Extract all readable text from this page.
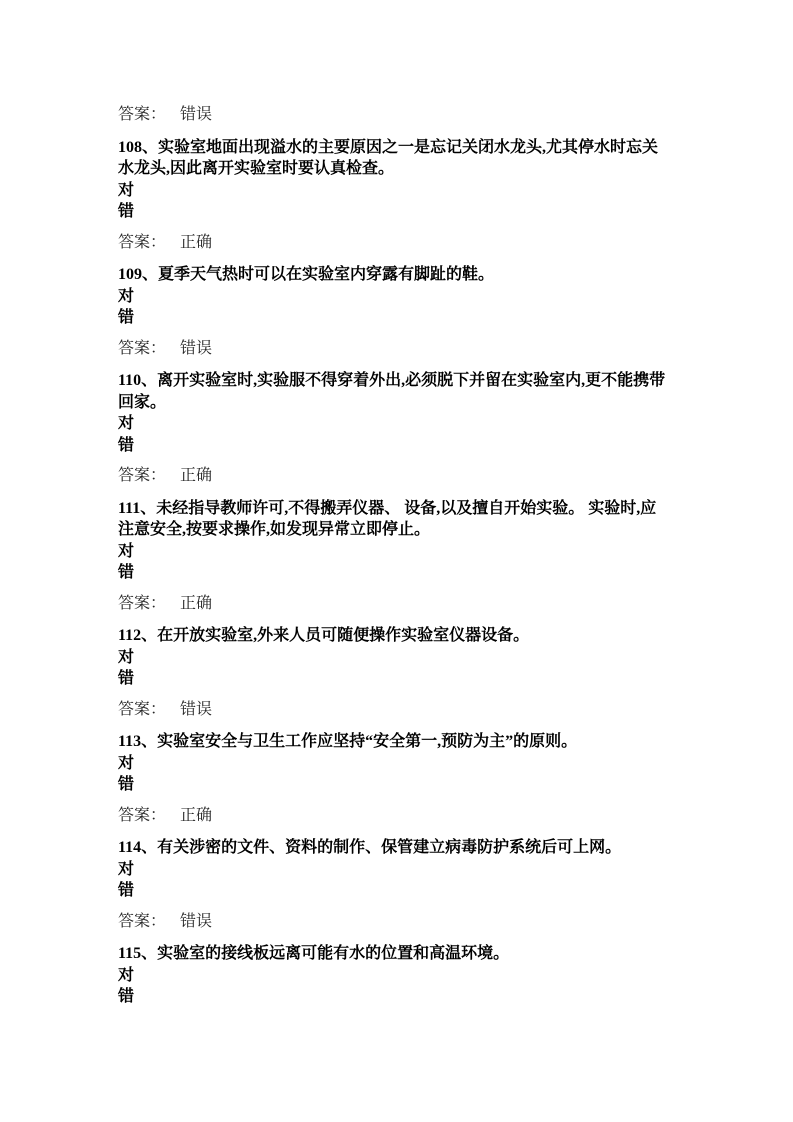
答案： 错误

108、实验室地面出现溢水的主要原因之一是忘记关闭水龙头,尤其停水时忘关水龙头,因此离开实验室时要认真检查。

对
错
答案： 正确

109、夏季天气热时可以在实验室内穿露有脚趾的鞋。

对
错
答案： 错误

110、离开实验室时,实验服不得穿着外出,必须脱下并留在实验室内,更不能携带回家。

对
错
答案： 正确

111、未经指导教师许可,不得搬弄仪器、 设备,以及擅自开始实验。 实验时,应注意安全,按要求操作,如发现异常立即停止。

对
错
答案： 正确

112、在开放实验室,外来人员可随便操作实验室仪器设备。

对
错
答案： 错误

113、实验室安全与卫生工作应坚持“安全第一,预防为主”的原则。

对
错
答案： 正确

114、有关涉密的文件、资料的制作、保管建立病毒防护系统后可上网。

对
错
答案： 错误

115、实验室的接线板远离可能有水的位置和高温环境。

对
错
